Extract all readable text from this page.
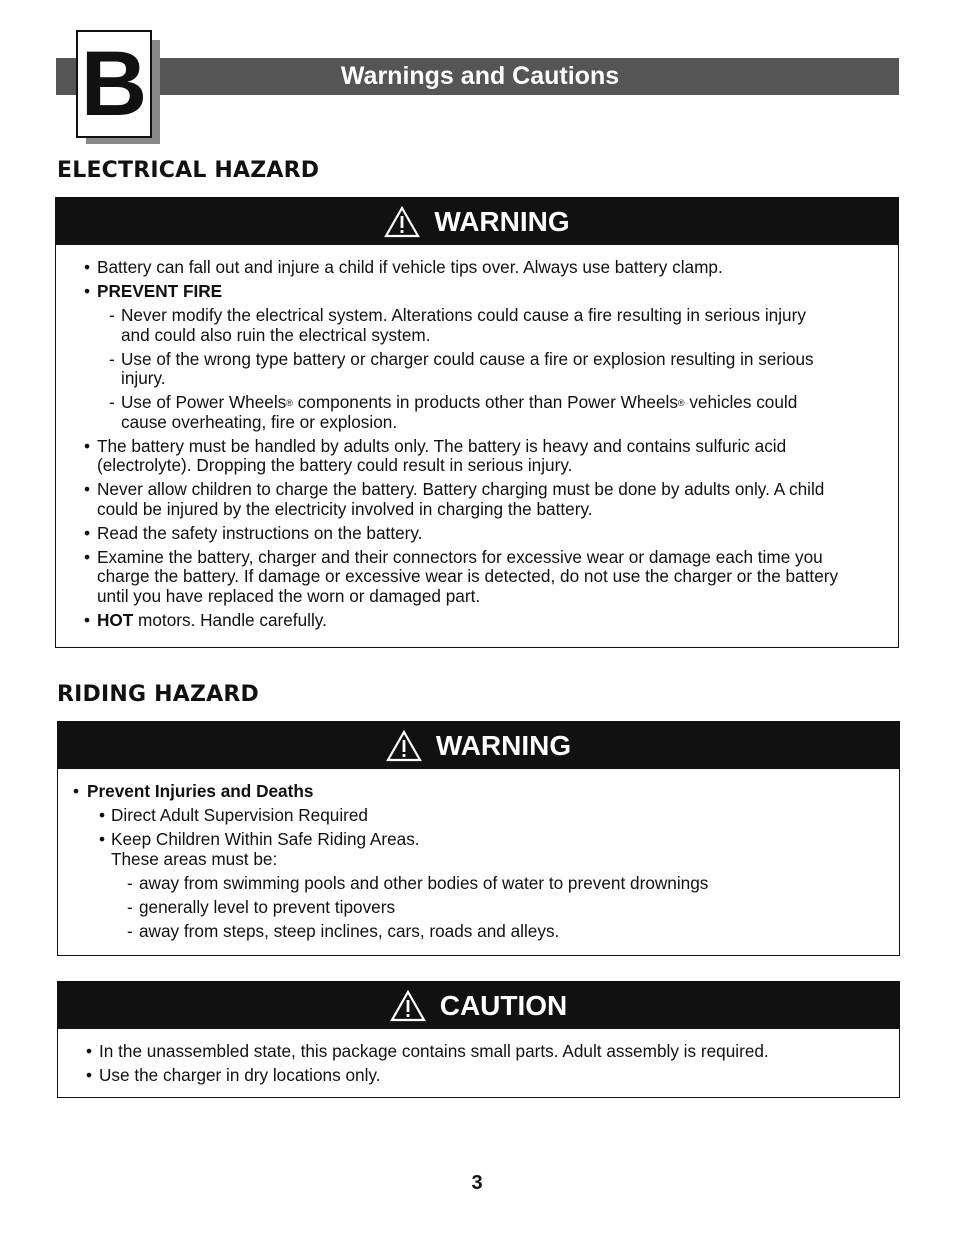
B	Warnings and Cautions
ELECTRICAL HAZARD
WARNING
• Battery can fall out and injure a child if vehicle tips over. Always use battery clamp.
• PREVENT FIRE
- Never modify the electrical system. Alterations could cause a fire resulting in serious injury and could also ruin the electrical system.
- Use of the wrong type battery or charger could cause a fire or explosion resulting in serious injury.
- Use of Power Wheels® components in products other than Power Wheels® vehicles could cause overheating, fire or explosion.
• The battery must be handled by adults only. The battery is heavy and contains sulfuric acid (electrolyte). Dropping the battery could result in serious injury.
• Never allow children to charge the battery. Battery charging must be done by adults only. A child could be injured by the electricity involved in charging the battery.
• Read the safety instructions on the battery.
• Examine the battery, charger and their connectors for excessive wear or damage each time you charge the battery. If damage or excessive wear is detected, do not use the charger or the battery until you have replaced the worn or damaged part.
• HOT motors. Handle carefully.
RIDING HAZARD
WARNING
• Prevent Injuries and Deaths
• Direct Adult Supervision Required
• Keep Children Within Safe Riding Areas.
These areas must be:
- away from swimming pools and other bodies of water to prevent drownings
- generally level to prevent tipovers
- away from steps, steep inclines, cars, roads and alleys.
CAUTION
• In the unassembled state, this package contains small parts. Adult assembly is required.
• Use the charger in dry locations only.
3
